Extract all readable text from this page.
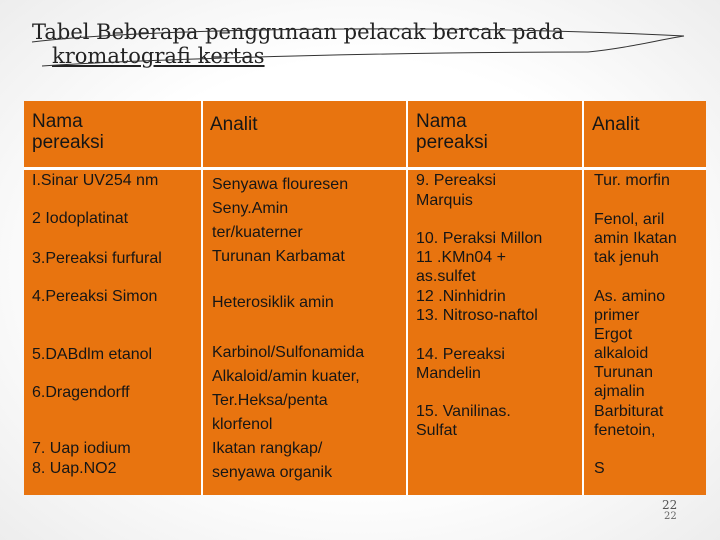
Tabel Beberapa penggunaan pelacak bercak pada
kromatografi kertas
Nama pereaksi
Analit	Nama pereaksi
Analit
I.Sinar UV254 nm
2 Iodoplatinat
3.Pereaksi furfural
4.Pereaksi Simon
5.DABdlm etanol
6.Dragendorff
7. Uap iodium
8. Uap.NO2
Senyawa flouresen
Seny.Amin
ter/kuaterner
Turunan Karbamat
Heterosiklik amin
Karbinol/Sulfonamida
Alkaloid/amin kuater,
Ter.Heksa/penta
klorfenol
Ikatan rangkap/
senyawa organik
9. Pereaksi
Marquis
10. Peraksi Millon
11 .KMn04 +
as.sulfet
12 .Ninhidrin
13. Nitroso-naftol
14. Pereaksi
Mandelin
15. Vanilinas.
Sulfat
Tur. morfin
Fenol, aril
amin Ikatan
tak jenuh
As. amino
primer
Ergot
alkaloid
Turunan
ajmalin
Barbiturat
fenetoin,
S
22
22
